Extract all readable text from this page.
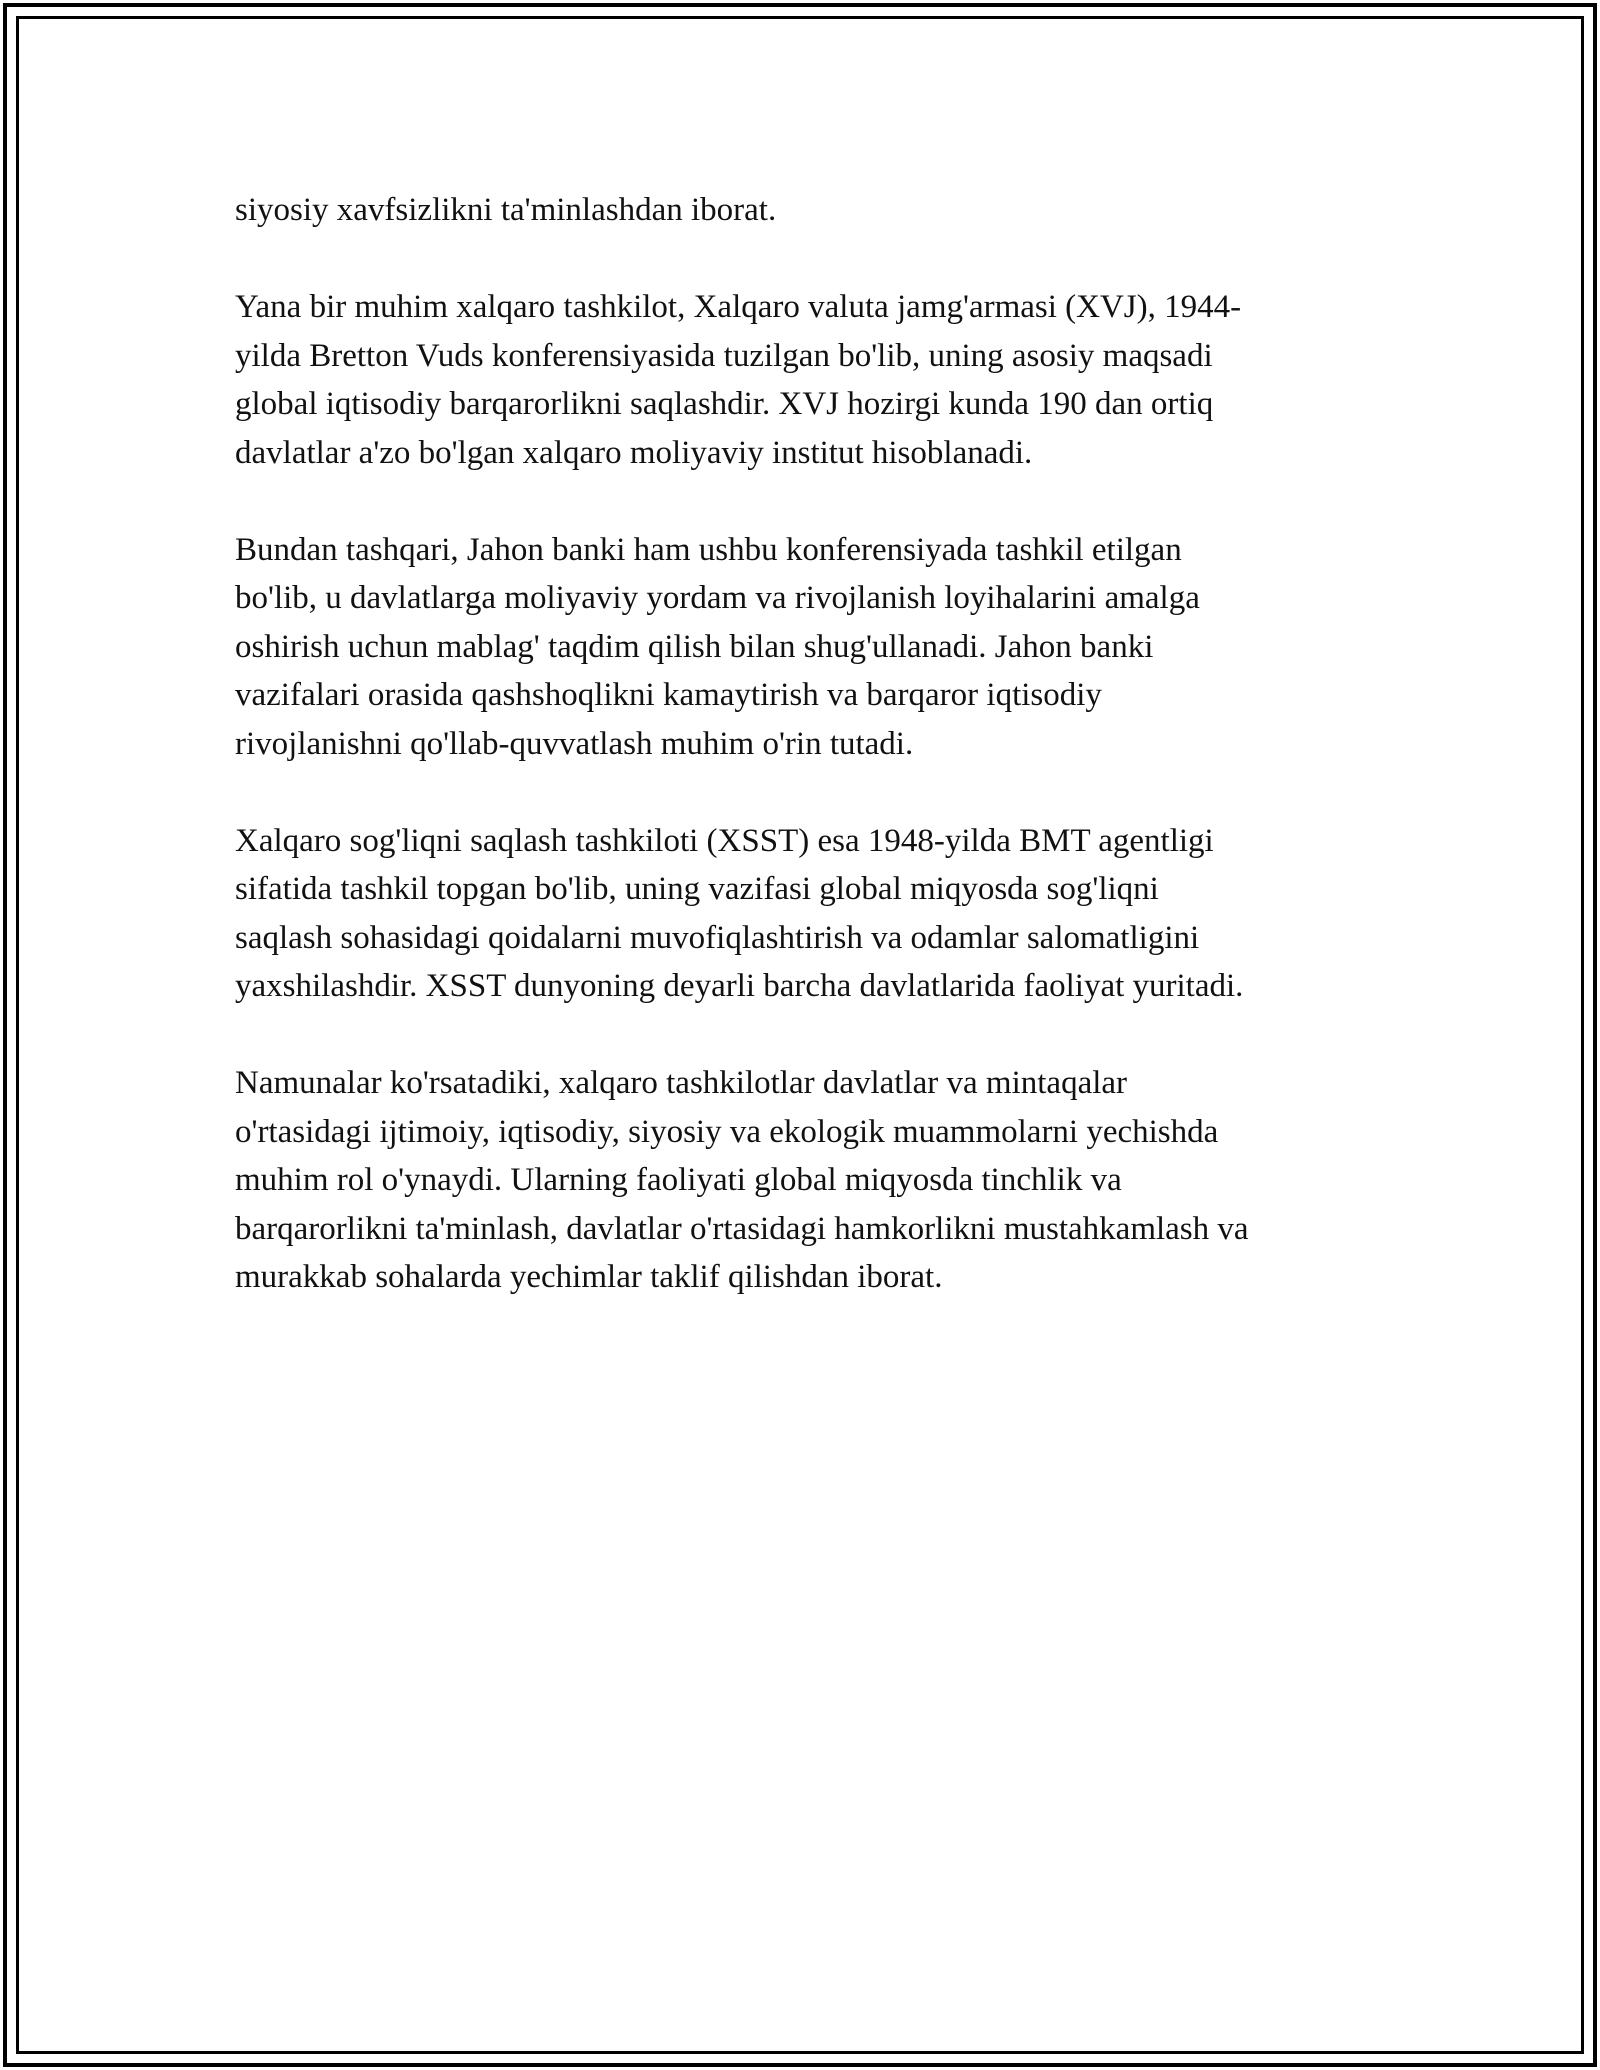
siyosiy xavfsizlikni ta'minlashdan iborat.

Yana bir muhim xalqaro tashkilot, Xalqaro valuta jamg'armasi (XVJ), 1944-
yilda Bretton Vuds konferensiyasida tuzilgan bo'lib, uning asosiy maqsadi
global iqtisodiy barqarorlikni saqlashdir. XVJ hozirgi kunda 190 dan ortiq
davlatlar a'zo bo'lgan xalqaro moliyaviy institut hisoblanadi.

Bundan tashqari, Jahon banki ham ushbu konferensiyada tashkil etilgan
bo'lib, u davlatlarga moliyaviy yordam va rivojlanish loyihalarini amalga
oshirish uchun mablag' taqdim qilish bilan shug'ullanadi. Jahon banki
vazifalari orasida qashshoqlikni kamaytirish va barqaror iqtisodiy
rivojlanishni qo'llab-quvvatlash muhim o'rin tutadi.

Xalqaro sog'liqni saqlash tashkiloti (XSST) esa 1948-yilda BMT agentligi
sifatida tashkil topgan bo'lib, uning vazifasi global miqyosda sog'liqni
saqlash sohasidagi qoidalarni muvofiqlashtirish va odamlar salomatligini
yaxshilashdir. XSST dunyoning deyarli barcha davlatlarida faoliyat yuritadi.

Namunalar ko'rsatadiki, xalqaro tashkilotlar davlatlar va mintaqalar
o'rtasidagi ijtimoiy, iqtisodiy, siyosiy va ekologik muammolarni yechishda
muhim rol o'ynaydi. Ularning faoliyati global miqyosda tinchlik va
barqarorlikni ta'minlash, davlatlar o'rtasidagi hamkorlikni mustahkamlash va
murakkab sohalarda yechimlar taklif qilishdan iborat.
